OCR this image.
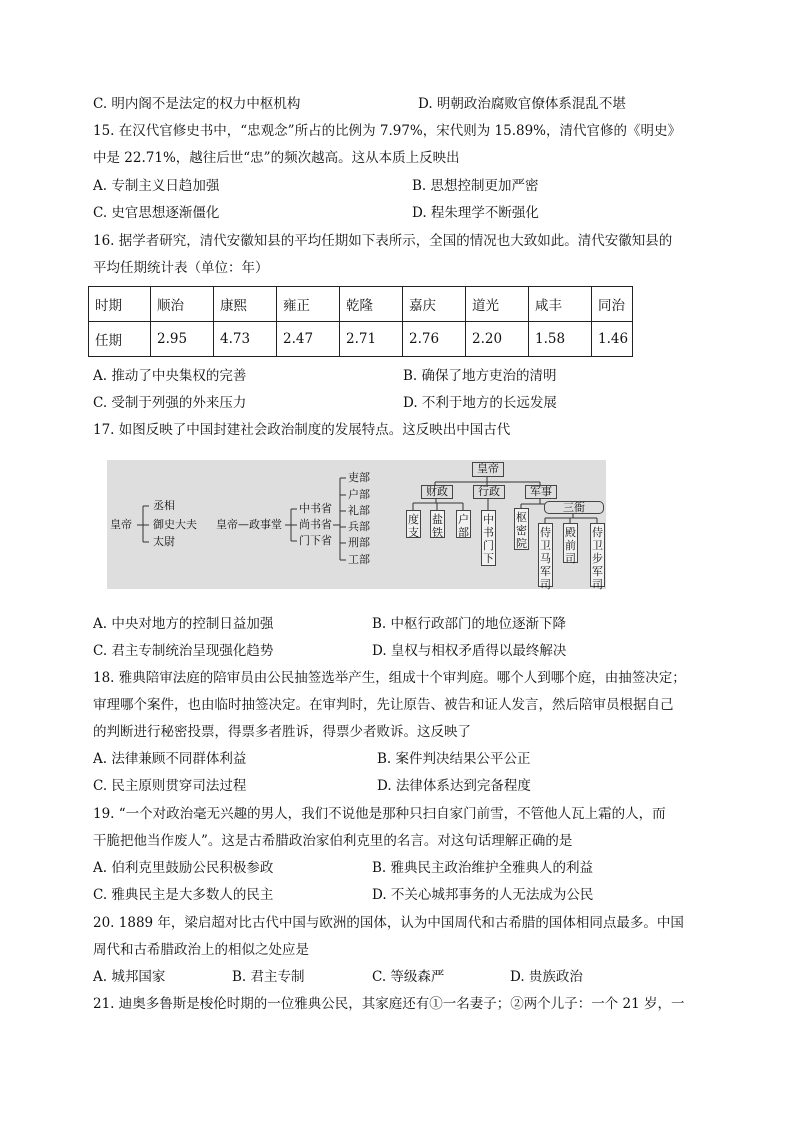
C. 明内阁不是法定的权力中枢机构	D. 明朝政治腐败官僚体系混乱不堪
15. 在汉代官修史书中，“忠观念”所占的比例为 7.97%，宋代则为 15.89%，清代官修的《明史》
中是 22.71%，越往后世“忠”的频次越高。这从本质上反映出
A. 专制主义日趋加强	B. 思想控制更加严密
C. 史官思想逐渐僵化	D. 程朱理学不断强化
16. 据学者研究，清代安徽知县的平均任期如下表所示，全国的情况也大致如此。清代安徽知县的
平均任期统计表（单位：年）
时期	顺治	康熙	雍正	乾隆	嘉庆	道光	咸丰	同治
任期	2.95	4.73	2.47	2.71	2.76	2.20	1.58	1.46
A. 推动了中央集权的完善	B. 确保了地方吏治的清明
C. 受制于列强的外来压力	D. 不利于地方的长远发展
17. 如图反映了中国封建社会政治制度的发展特点。这反映出中国古代
皇帝
丞相
御史大夫
太尉
皇帝—政事堂
中书省
尚书省
门下省
吏部
户部
礼部
兵部
刑部
工部
皇帝
财政	行政	军事
度
支
盐
铁
户
部
中
书
门
下
枢
密
院
三衙
侍
卫
马
军
司
殿
前
司
侍
卫
步
军
司
A. 中央对地方的控制日益加强	B. 中枢行政部门的地位逐渐下降
C. 君主专制统治呈现强化趋势	D. 皇权与相权矛盾得以最终解决
18. 雅典陪审法庭的陪审员由公民抽签选举产生，组成十个审判庭。哪个人到哪个庭，由抽签决定；
审理哪个案件，也由临时抽签决定。在审判时，先让原告、被告和证人发言，然后陪审员根据自己
的判断进行秘密投票，得票多者胜诉，得票少者败诉。这反映了
A. 法律兼顾不同群体利益	B. 案件判决结果公平公正
C. 民主原则贯穿司法过程	D. 法律体系达到完备程度
19. “一个对政治毫无兴趣的男人，我们不说他是那种只扫自家门前雪，不管他人瓦上霜的人，而
干脆把他当作废人”。这是古希腊政治家伯利克里的名言。对这句话理解正确的是
A. 伯利克里鼓励公民积极参政	B. 雅典民主政治维护全雅典人的利益
C. 雅典民主是大多数人的民主	D. 不关心城邦事务的人无法成为公民
20. 1889 年，梁启超对比古代中国与欧洲的国体，认为中国周代和古希腊的国体相同点最多。中国
周代和古希腊政治上的相似之处应是
A. 城邦国家	B. 君主专制	C. 等级森严	D. 贵族政治
21. 迪奥多鲁斯是梭伦时期的一位雅典公民，其家庭还有①一名妻子；②两个儿子：一个 21 岁，一
